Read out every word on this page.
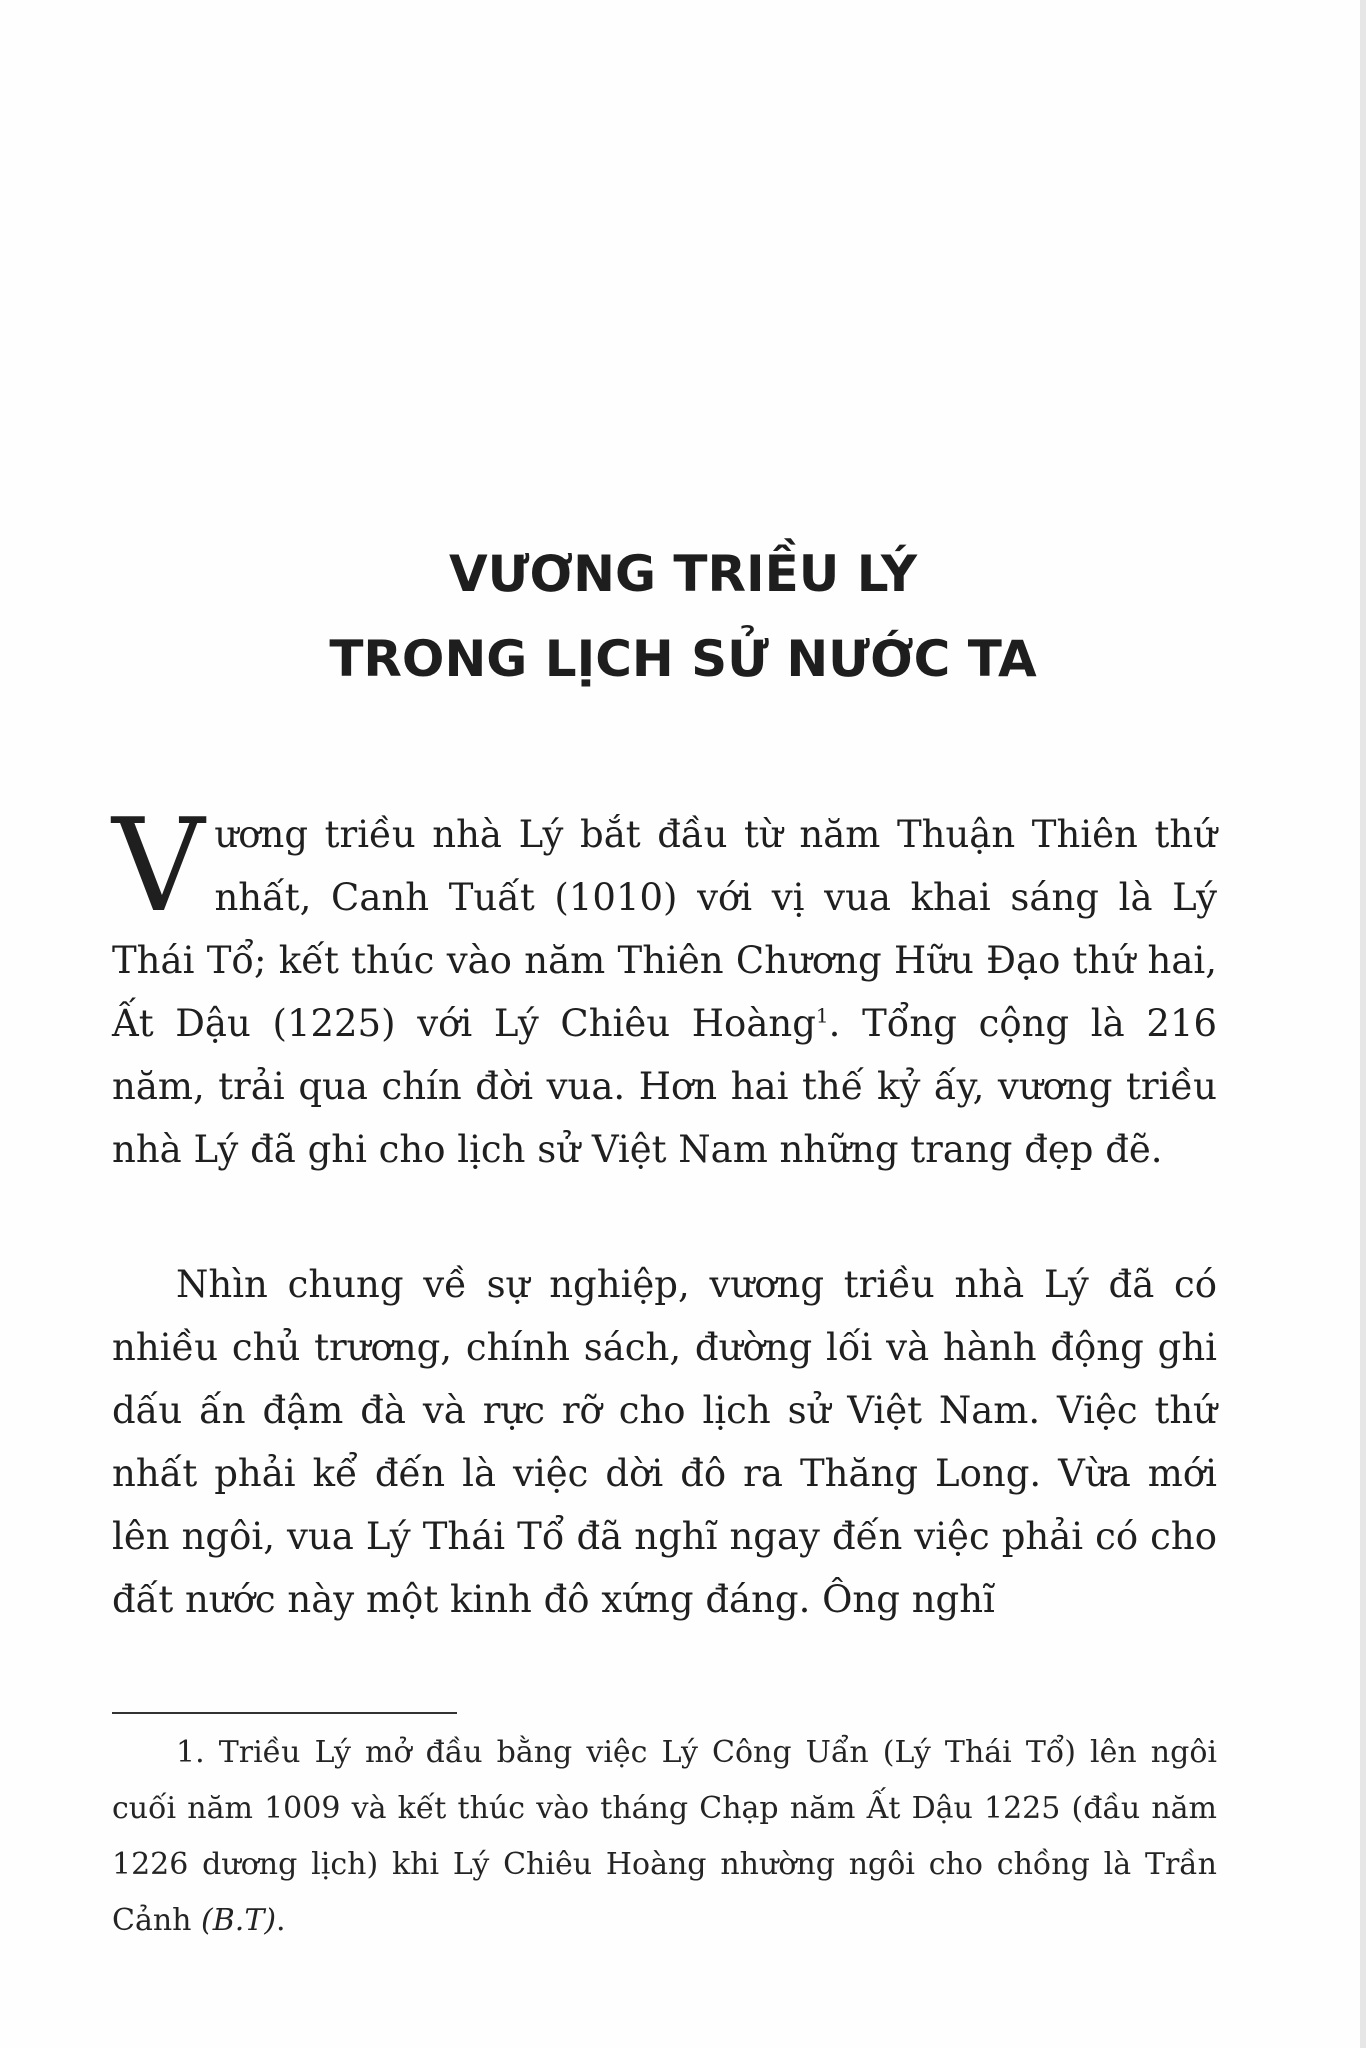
VƯƠNG TRIỀU LÝ
TRONG LỊCH SỬ NƯỚC TA

Vương triều nhà Lý bắt đầu từ năm Thuận Thiên thứ nhất, Canh Tuất (1010) với vị vua khai sáng là Lý Thái Tổ; kết thúc vào năm Thiên Chương Hữu Đạo thứ hai, Ất Dậu (1225) với Lý Chiêu Hoàng$^1$. Tổng cộng là 216 năm, trải qua chín đời vua. Hơn hai thế kỷ ấy, vương triều nhà Lý đã ghi cho lịch sử Việt Nam những trang đẹp đẽ.

Nhìn chung về sự nghiệp, vương triều nhà Lý đã có nhiều chủ trương, chính sách, đường lối và hành động ghi dấu ấn đậm đà và rực rỡ cho lịch sử Việt Nam. Việc thứ nhất phải kể đến là việc dời đô ra Thăng Long. Vừa mới lên ngôi, vua Lý Thái Tổ đã nghĩ ngay đến việc phải có cho đất nước này một kinh đô xứng đáng. Ông nghĩ

1. Triều Lý mở đầu bằng việc Lý Công Uẩn (Lý Thái Tổ) lên ngôi cuối năm 1009 và kết thúc vào tháng Chạp năm Ất Dậu 1225 (đầu năm 1226 dương lịch) khi Lý Chiêu Hoàng nhường ngôi cho chồng là Trần Cảnh (B.T).
